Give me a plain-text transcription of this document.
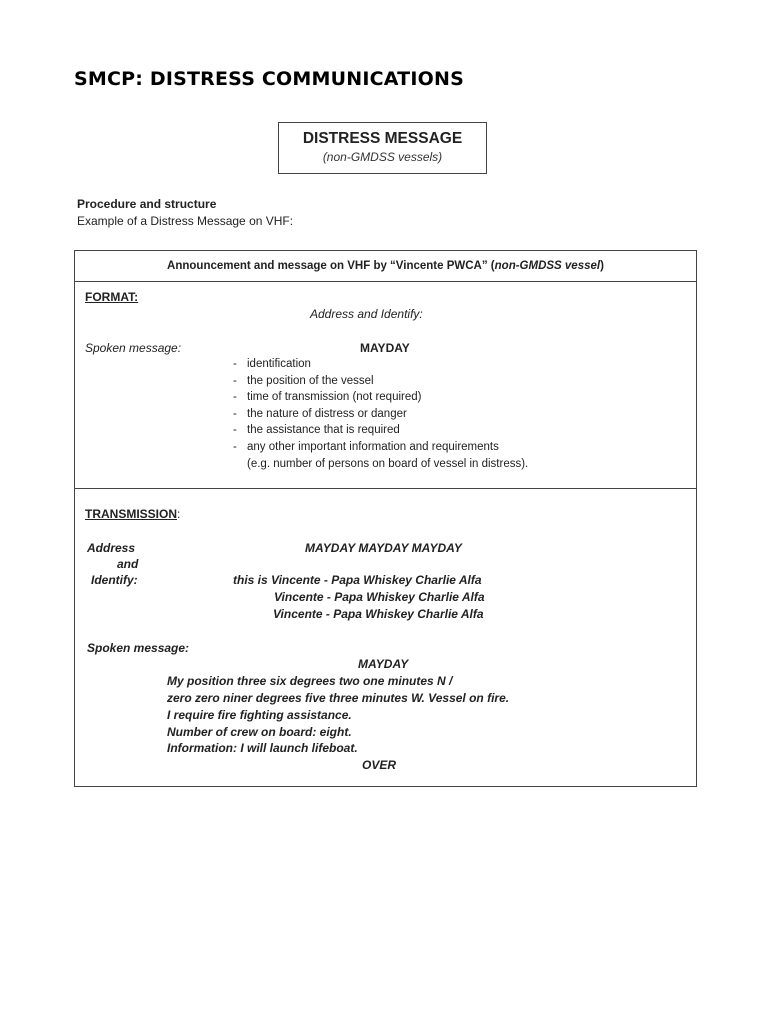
SMCP: DISTRESS COMMUNICATIONS
DISTRESS MESSAGE
(non-GMDSS vessels)
Procedure and structure
Example of a Distress Message on VHF:
Announcement and message on VHF by “Vincente PWCA” (non-GMDSS vessel)
FORMAT:
Address and Identify:
Spoken message:	MAYDAY
- identification
- the position of the vessel
- time of transmission (not required)
- the nature of distress or danger
- the assistance that is required
- any other important information and requirements
(e.g. number of persons on board of vessel in distress).
TRANSMISSION:
Address
and
Identify:
MAYDAY MAYDAY MAYDAY
this is Vincente - Papa Whiskey Charlie Alfa
Vincente - Papa Whiskey Charlie Alfa
Vincente - Papa Whiskey Charlie Alfa
Spoken message:
MAYDAY
My position three six degrees two one minutes N /
zero zero niner degrees five three minutes W. Vessel on fire.
I require fire fighting assistance.
Number of crew on board: eight.
Information: I will launch lifeboat.
OVER
